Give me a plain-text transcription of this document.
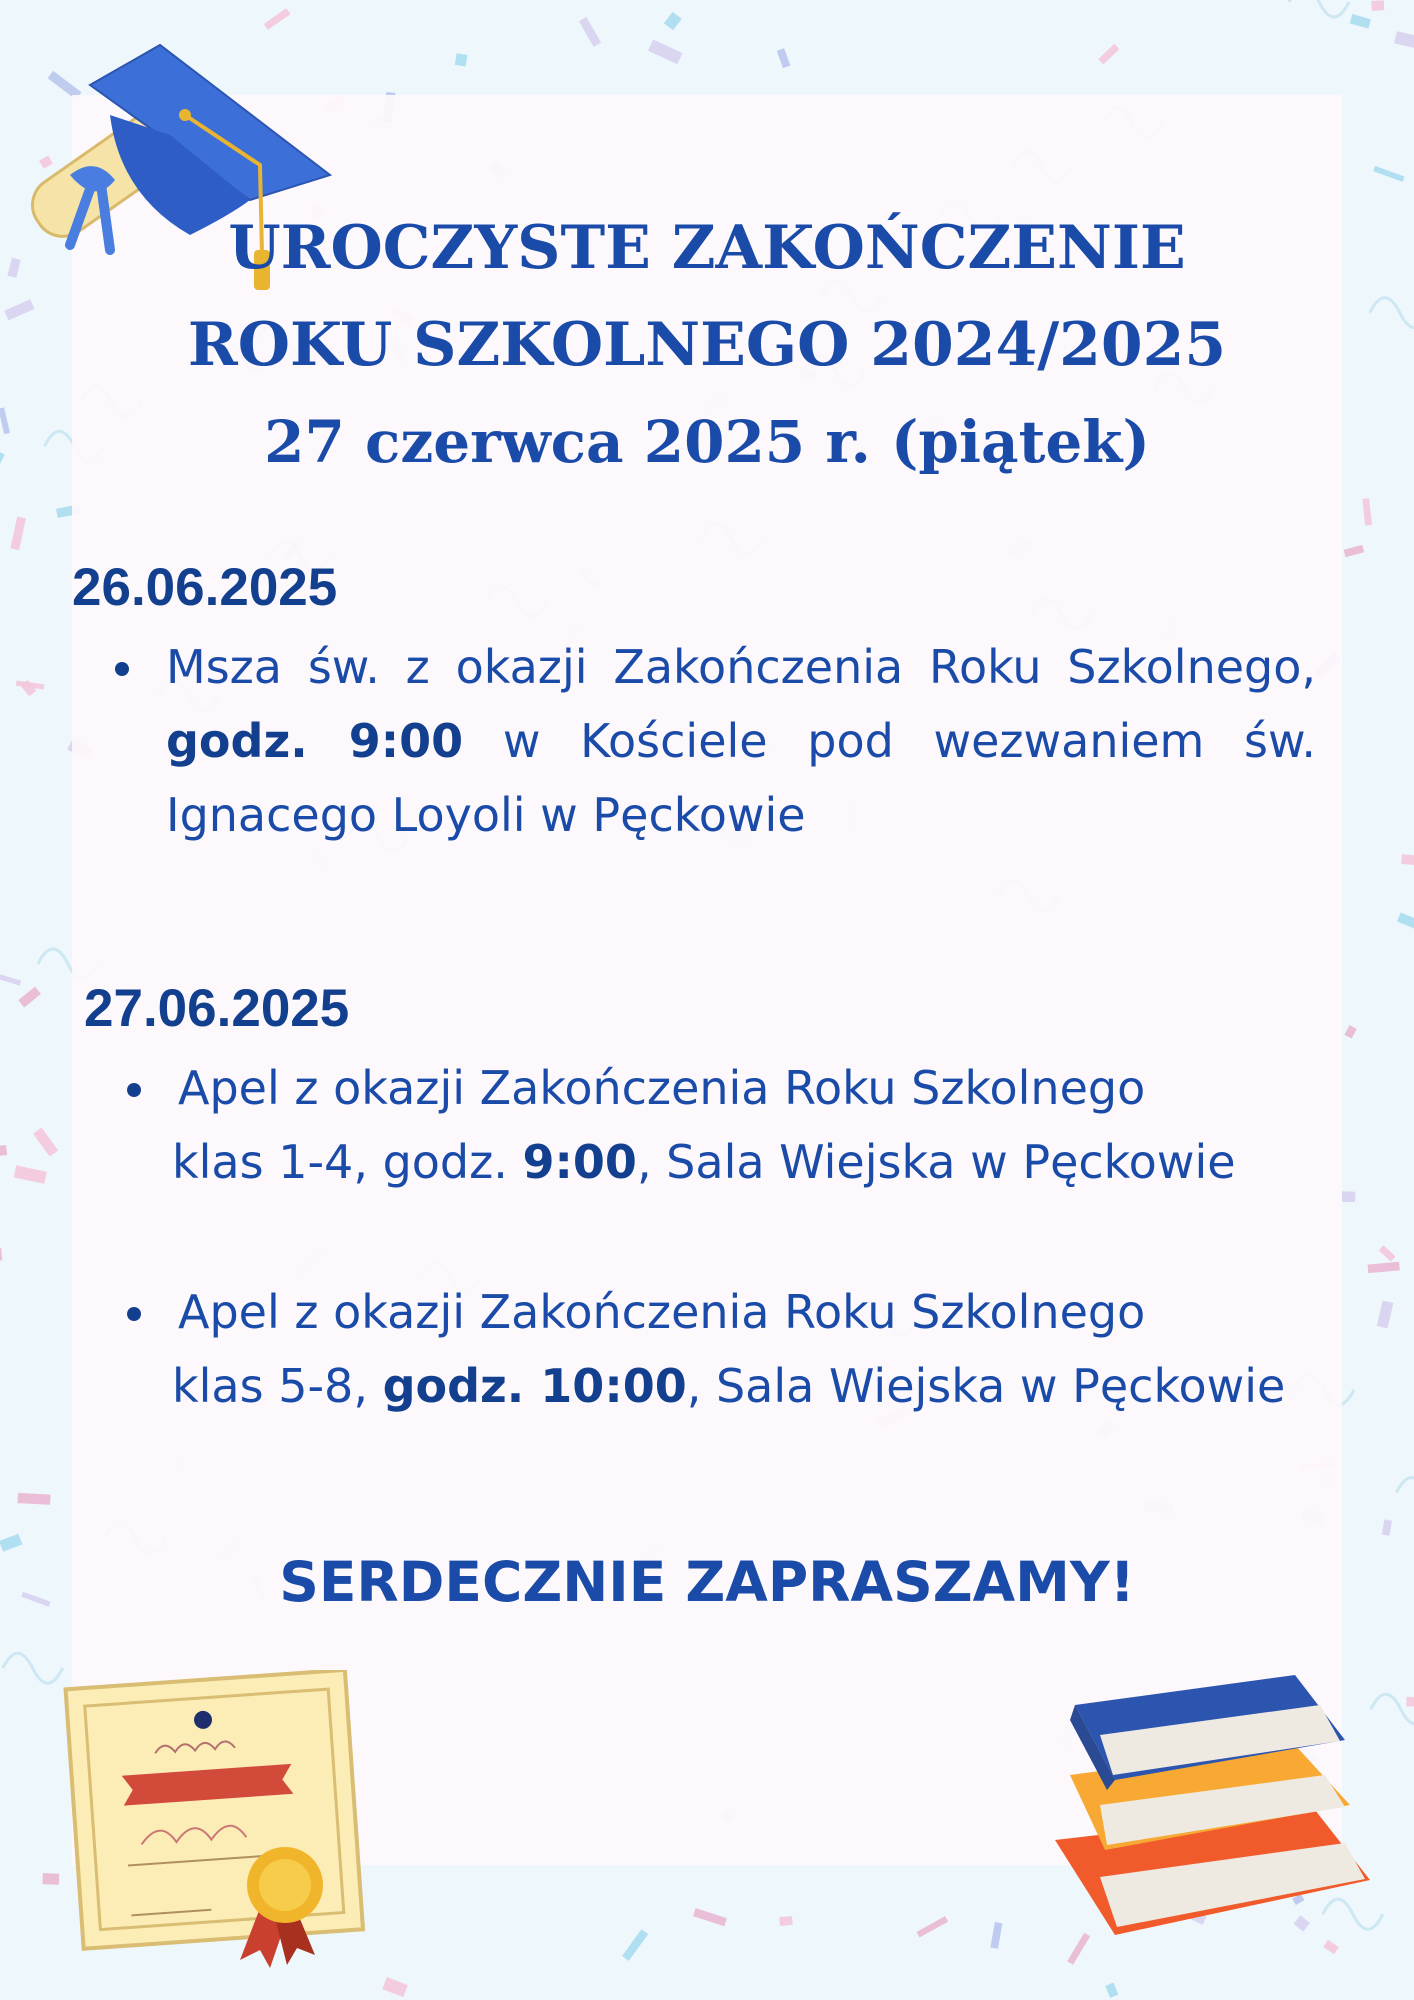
UROCZYSTE ZAKOŃCZENIE
ROKU SZKOLNEGO 2024/2025
27 czerwca 2025 r. (piątek)
26.06.2025
Msza św. z okazji Zakończenia Roku Szkolnego, godz. 9:00 w Kościele pod wezwaniem św. Ignacego Loyoli w Pęckowie
27.06.2025
Apel z okazji Zakończenia Roku Szkolnego
klas 1-4, godz. 9:00, Sala Wiejska w Pęckowie
Apel z okazji Zakończenia Roku Szkolnego
klas 5-8, godz. 10:00, Sala Wiejska w Pęckowie
SERDECZNIE ZAPRASZAMY!
